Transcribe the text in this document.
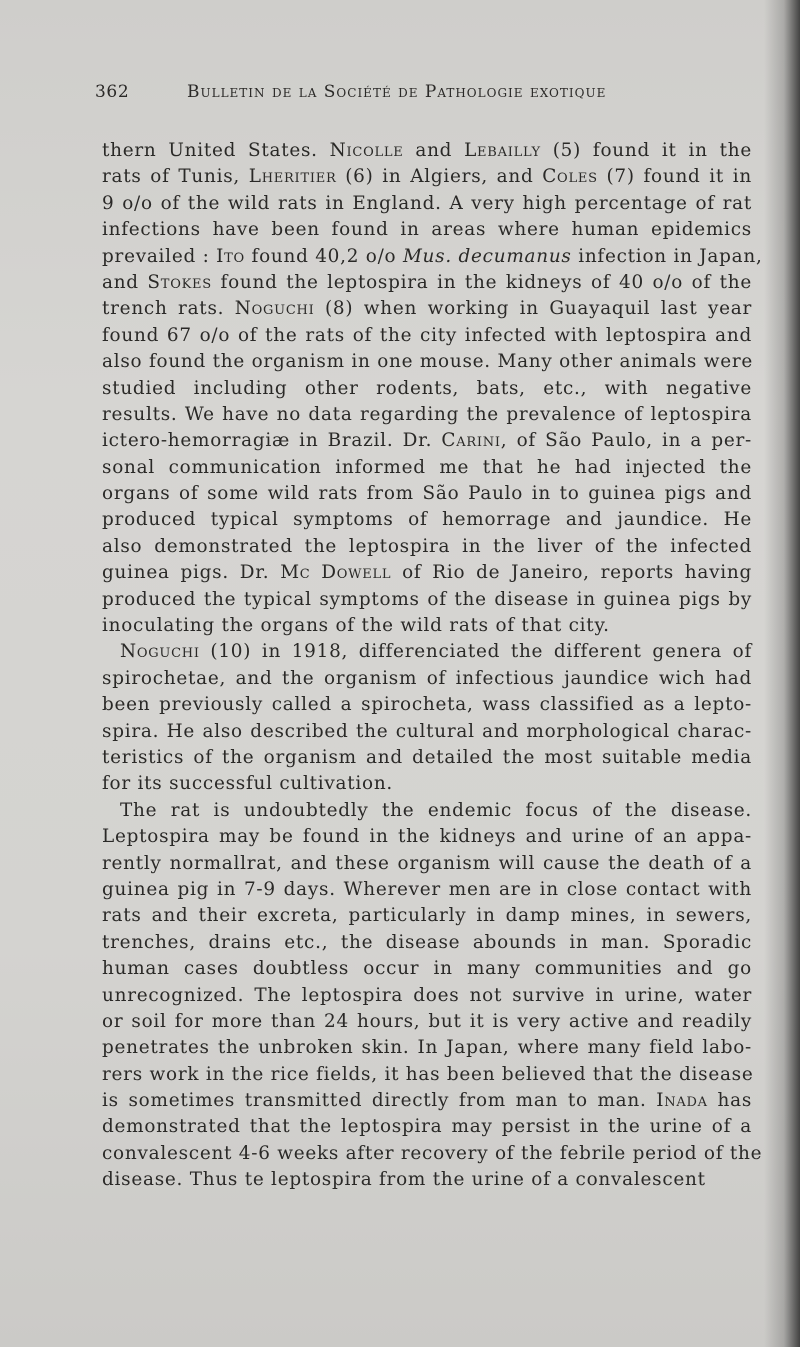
362	Bulletin de la Société de Pathologie exotique
thern United States. Nicolle and Lebailly (5) found it in the
rats of Tunis, Lheritier (6) in Algiers, and Coles (7) found it in
9 o/o of the wild rats in England. A very high percentage of rat
infections have been found in areas where human epidemics
prevailed : Ito found 40,2 o/o Mus. decumanus infection in Japan,
and Stokes found the leptospira in the kidneys of 40 o/o of the
trench rats. Noguchi (8) when working in Guayaquil last year
found 67 o/o of the rats of the city infected with leptospira and
also found the organism in one mouse. Many other animals were
studied including other rodents, bats, etc., with negative
results. We have no data regarding the prevalence of leptospira
ictero-hemorragiæ in Brazil. Dr. Carini, of São Paulo, in a per-
sonal communication informed me that he had injected the
organs of some wild rats from São Paulo in to guinea pigs and
produced typical symptoms of hemorrage and jaundice. He
also demonstrated the leptospira in the liver of the infected
guinea pigs. Dr. Mc Dowell of Rio de Janeiro, reports having
produced the typical symptoms of the disease in guinea pigs by
inoculating the organs of the wild rats of that city.
Noguchi (10) in 1918, differenciated the different genera of
spirochetae, and the organism of infectious jaundice wich had
been previously called a spirocheta, wass classified as a lepto-
spira. He also described the cultural and morphological charac-
teristics of the organism and detailed the most suitable media
for its successful cultivation.
The rat is undoubtedly the endemic focus of the disease.
Leptospira may be found in the kidneys and urine of an appa-
rently normallrat, and these organism will cause the death of a
guinea pig in 7-9 days. Wherever men are in close contact with
rats and their excreta, particularly in damp mines, in sewers,
trenches, drains etc., the disease abounds in man. Sporadic
human cases doubtless occur in many communities and go
unrecognized. The leptospira does not survive in urine, water
or soil for more than 24 hours, but it is very active and readily
penetrates the unbroken skin. In Japan, where many field labo-
rers work in the rice fields, it has been believed that the disease
is sometimes transmitted directly from man to man. Inada has
demonstrated that the leptospira may persist in the urine of a
convalescent 4-6 weeks after recovery of the febrile period of the
disease. Thus te leptospira from the urine of a convalescent
